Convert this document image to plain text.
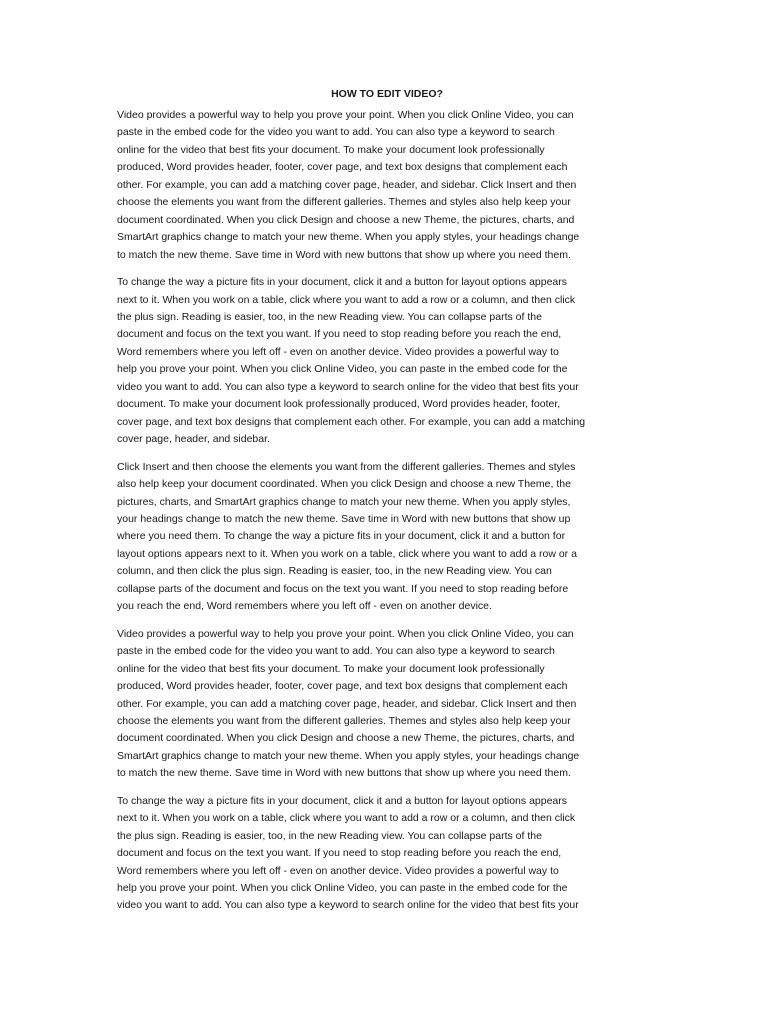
HOW TO EDIT VIDEO?
Video provides a powerful way to help you prove your point. When you click Online Video, you can
paste in the embed code for the video you want to add. You can also type a keyword to search
online for the video that best fits your document. To make your document look professionally
produced, Word provides header, footer, cover page, and text box designs that complement each
other. For example, you can add a matching cover page, header, and sidebar. Click Insert and then
choose the elements you want from the different galleries. Themes and styles also help keep your
document coordinated. When you click Design and choose a new Theme, the pictures, charts, and
SmartArt graphics change to match your new theme. When you apply styles, your headings change
to match the new theme. Save time in Word with new buttons that show up where you need them.
To change the way a picture fits in your document, click it and a button for layout options appears
next to it. When you work on a table, click where you want to add a row or a column, and then click
the plus sign. Reading is easier, too, in the new Reading view. You can collapse parts of the
document and focus on the text you want. If you need to stop reading before you reach the end,
Word remembers where you left off - even on another device. Video provides a powerful way to
help you prove your point. When you click Online Video, you can paste in the embed code for the
video you want to add. You can also type a keyword to search online for the video that best fits your
document. To make your document look professionally produced, Word provides header, footer,
cover page, and text box designs that complement each other. For example, you can add a matching
cover page, header, and sidebar.
Click Insert and then choose the elements you want from the different galleries. Themes and styles
also help keep your document coordinated. When you click Design and choose a new Theme, the
pictures, charts, and SmartArt graphics change to match your new theme. When you apply styles,
your headings change to match the new theme. Save time in Word with new buttons that show up
where you need them. To change the way a picture fits in your document, click it and a button for
layout options appears next to it. When you work on a table, click where you want to add a row or a
column, and then click the plus sign. Reading is easier, too, in the new Reading view. You can
collapse parts of the document and focus on the text you want. If you need to stop reading before
you reach the end, Word remembers where you left off - even on another device.
Video provides a powerful way to help you prove your point. When you click Online Video, you can
paste in the embed code for the video you want to add. You can also type a keyword to search
online for the video that best fits your document. To make your document look professionally
produced, Word provides header, footer, cover page, and text box designs that complement each
other. For example, you can add a matching cover page, header, and sidebar. Click Insert and then
choose the elements you want from the different galleries. Themes and styles also help keep your
document coordinated. When you click Design and choose a new Theme, the pictures, charts, and
SmartArt graphics change to match your new theme. When you apply styles, your headings change
to match the new theme. Save time in Word with new buttons that show up where you need them.
To change the way a picture fits in your document, click it and a button for layout options appears
next to it. When you work on a table, click where you want to add a row or a column, and then click
the plus sign. Reading is easier, too, in the new Reading view. You can collapse parts of the
document and focus on the text you want. If you need to stop reading before you reach the end,
Word remembers where you left off - even on another device. Video provides a powerful way to
help you prove your point. When you click Online Video, you can paste in the embed code for the
video you want to add. You can also type a keyword to search online for the video that best fits your
